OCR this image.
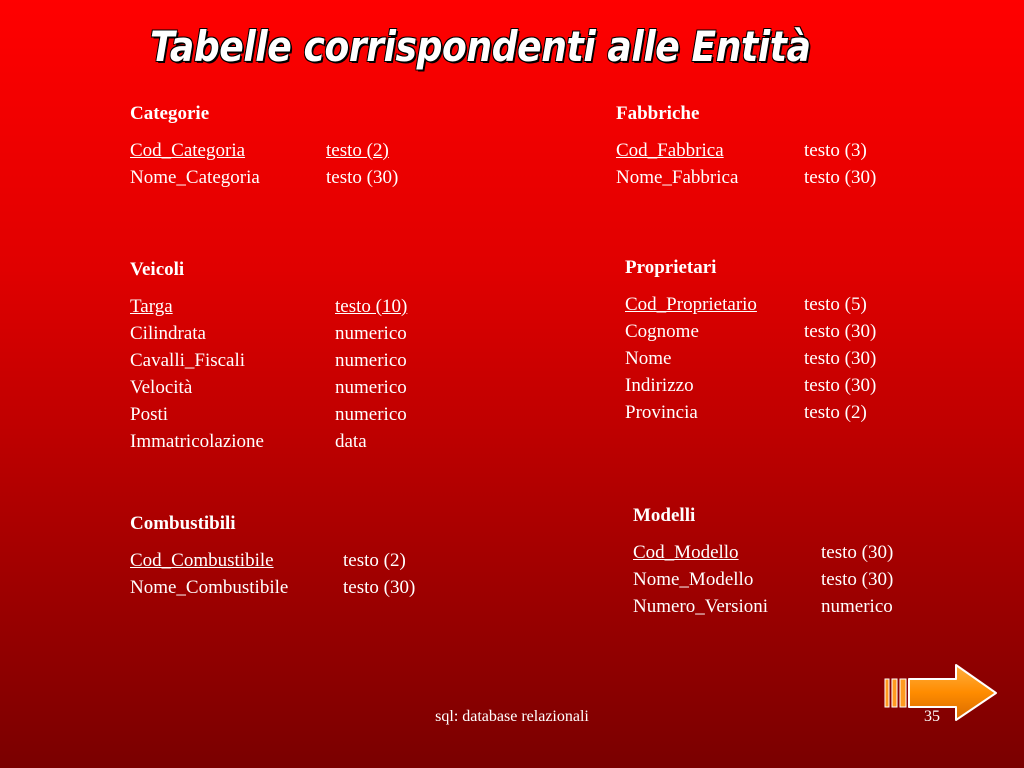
Tabelle corrispondenti alle Entità
Categorie
Cod_Categoria	testo (2)
Nome_Categoria	testo (30)
Fabbriche
Cod_Fabbrica	testo (3)
Nome_Fabbrica	testo (30)
Veicoli
Targa	testo (10)
Cilindrata	numerico
Cavalli_Fiscali	numerico
Velocità	numerico
Posti	numerico
Immatricolazione	data
Proprietari
Cod_Proprietario	testo (5)
Cognome	testo (30)
Nome	testo (30)
Indirizzo	testo (30)
Provincia	testo (2)
Combustibili
Cod_Combustibile	testo (2)
Nome_Combustibile	testo (30)
Modelli
Cod_Modello	testo (30)
Nome_Modello	testo (30)
Numero_Versioni	numerico
sql: database relazionali	35
